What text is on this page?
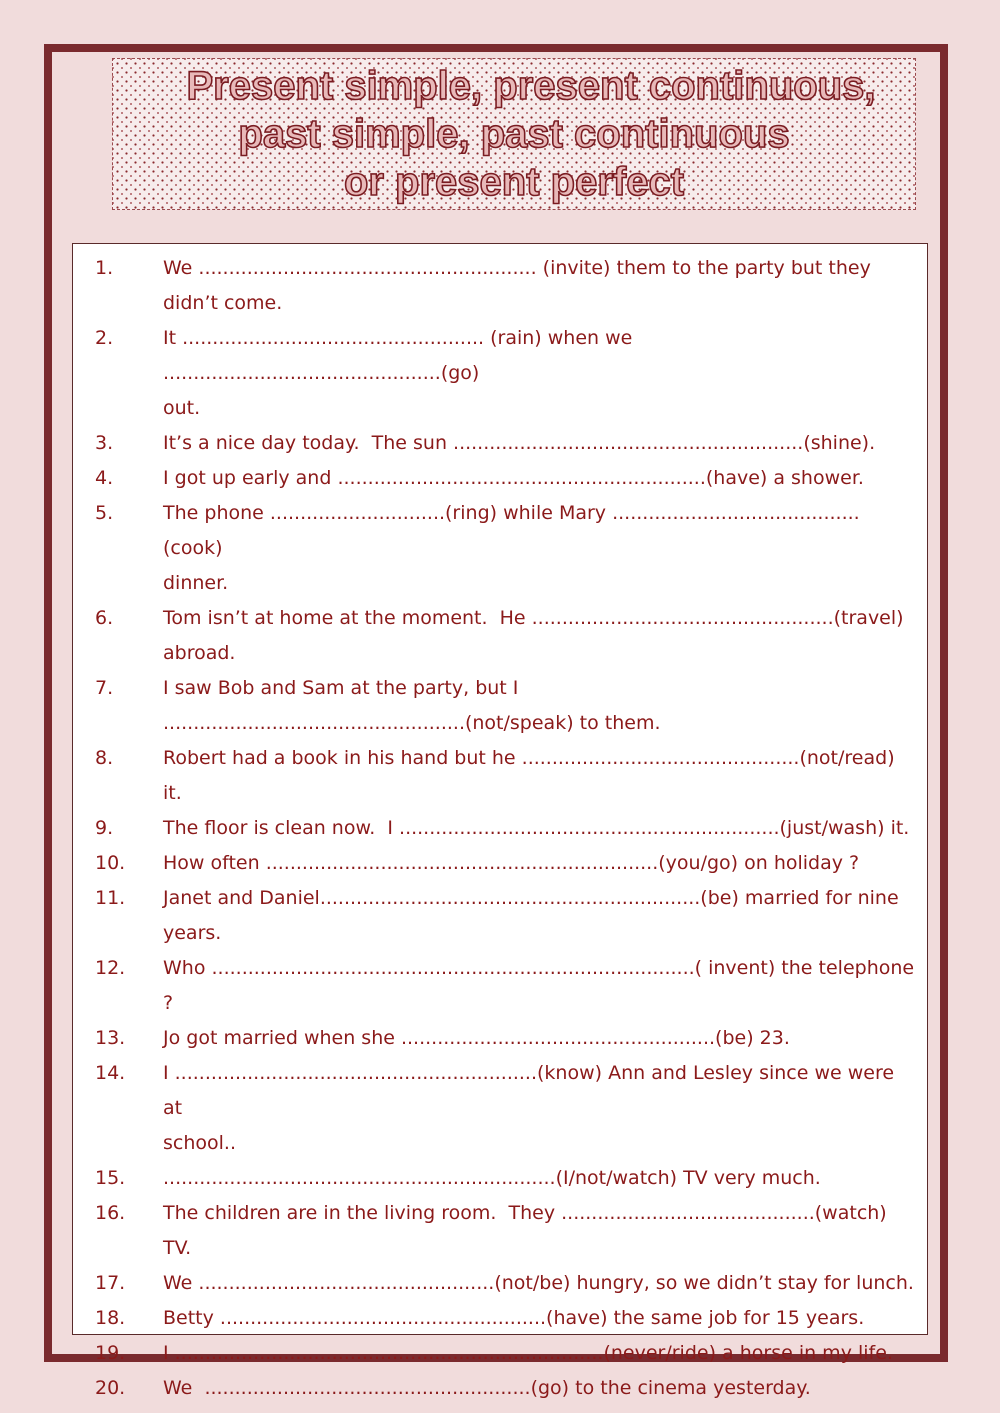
Present simple, present continuous,
past simple, past continuous
or present perfect
1.	We ........................................................ (invite) them to the party but they
didn’t come.
2.	It .................................................. (rain) when we ..............................................(go)
out.
3.	It’s a nice day today.  The sun ..........................................................(shine).
4.	I got up early and .............................................................(have) a shower.
5.	The phone .............................(ring) while Mary .........................................(cook)
dinner.
6.	Tom isn’t at home at the moment.  He ..................................................(travel)
abroad.
7.	I saw Bob and Sam at the party, but I
..................................................(not/speak) to them.
8.	Robert had a book in his hand but he ..............................................(not/read)
it.
9.	The floor is clean now.  I ...............................................................(just/wash) it.
10.	How often .................................................................(you/go) on holiday ?
11.	Janet and Daniel...............................................................(be) married for nine
years.
12.	Who ................................................................................( invent) the telephone ?
13.	Jo got married when she ....................................................(be) 23.
14.	I ............................................................(know) Ann and Lesley since we were at
school..
15.	.................................................................(I/not/watch) TV very much.
16.	The children are in the living room.  They ..........................................(watch)
TV.
17.	We .................................................(not/be) hungry, so we didn’t stay for lunch.
18.	Betty ......................................................(have) the same job for 15 years.
19.	I .......................................................................(never/ride) a horse in my life.
20.	We  ......................................................(go) to the cinema yesterday.
